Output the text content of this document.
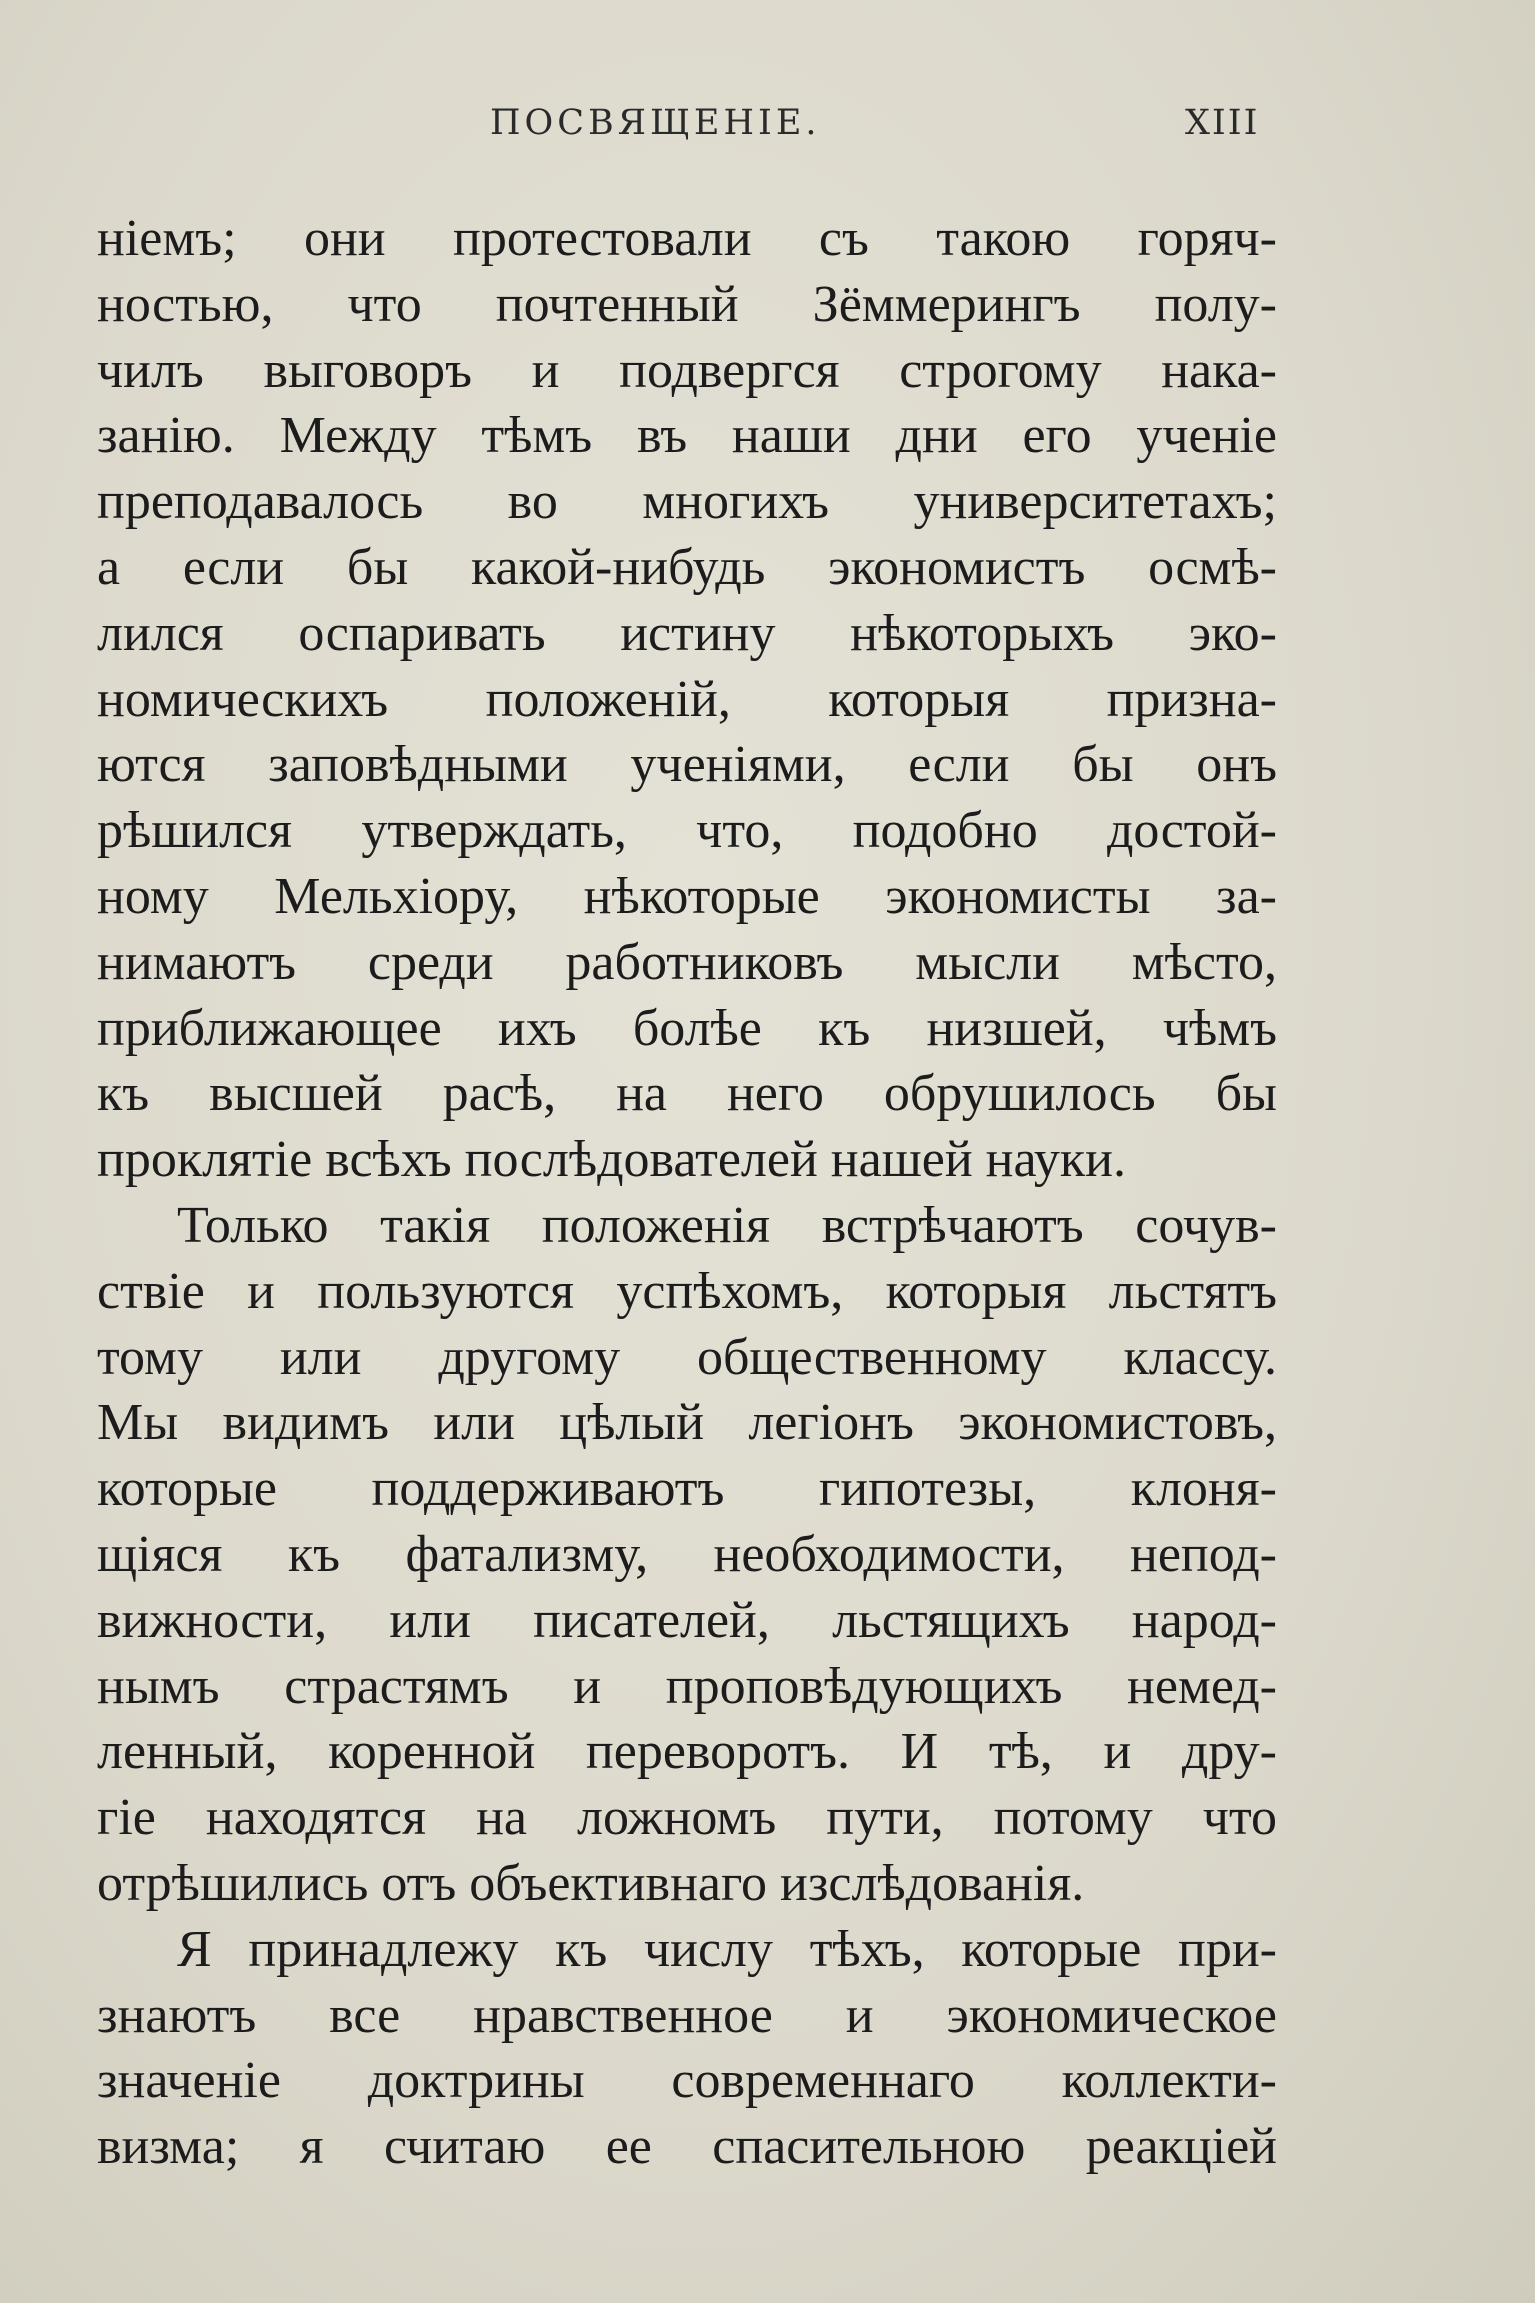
ПОСВЯЩЕНІЕ.	XIII
ніемъ; они протестовали съ такою горяч-
ностью, что почтенный Зёммерингъ полу-
чилъ выговоръ и подвергся строгому нака-
занію. Между тѣмъ въ наши дни его ученіе
преподавалось во многихъ университетахъ;
а если бы какой-нибудь экономистъ осмѣ-
лился оспаривать истину нѣкоторыхъ эко-
номическихъ положеній, которыя призна-
ются заповѣдными ученіями, если бы онъ
рѣшился утверждать, что, подобно достой-
ному Мельхіору, нѣкоторые экономисты за-
нимаютъ среди работниковъ мысли мѣсто,
приближающее ихъ болѣе къ низшей, чѣмъ
къ высшей расѣ, на него обрушилось бы
проклятіе всѣхъ послѣдователей нашей науки.
Только такія положенія встрѣчаютъ сочув-
ствіе и пользуются успѣхомъ, которыя льстятъ
тому или другому общественному классу.
Мы видимъ или цѣлый легіонъ экономистовъ,
которые поддерживаютъ гипотезы, клоня-
щіяся къ фатализму, необходимости, непод-
вижности, или писателей, льстящихъ народ-
нымъ страстямъ и проповѣдующихъ немед-
ленный, коренной переворотъ. И тѣ, и дру-
гіе находятся на ложномъ пути, потому что
отрѣшились отъ объективнаго изслѣдованія.
Я принадлежу къ числу тѣхъ, которые при-
знаютъ все нравственное и экономическое
значеніе доктрины современнаго коллекти-
визма; я считаю ее спасительною реакціей
